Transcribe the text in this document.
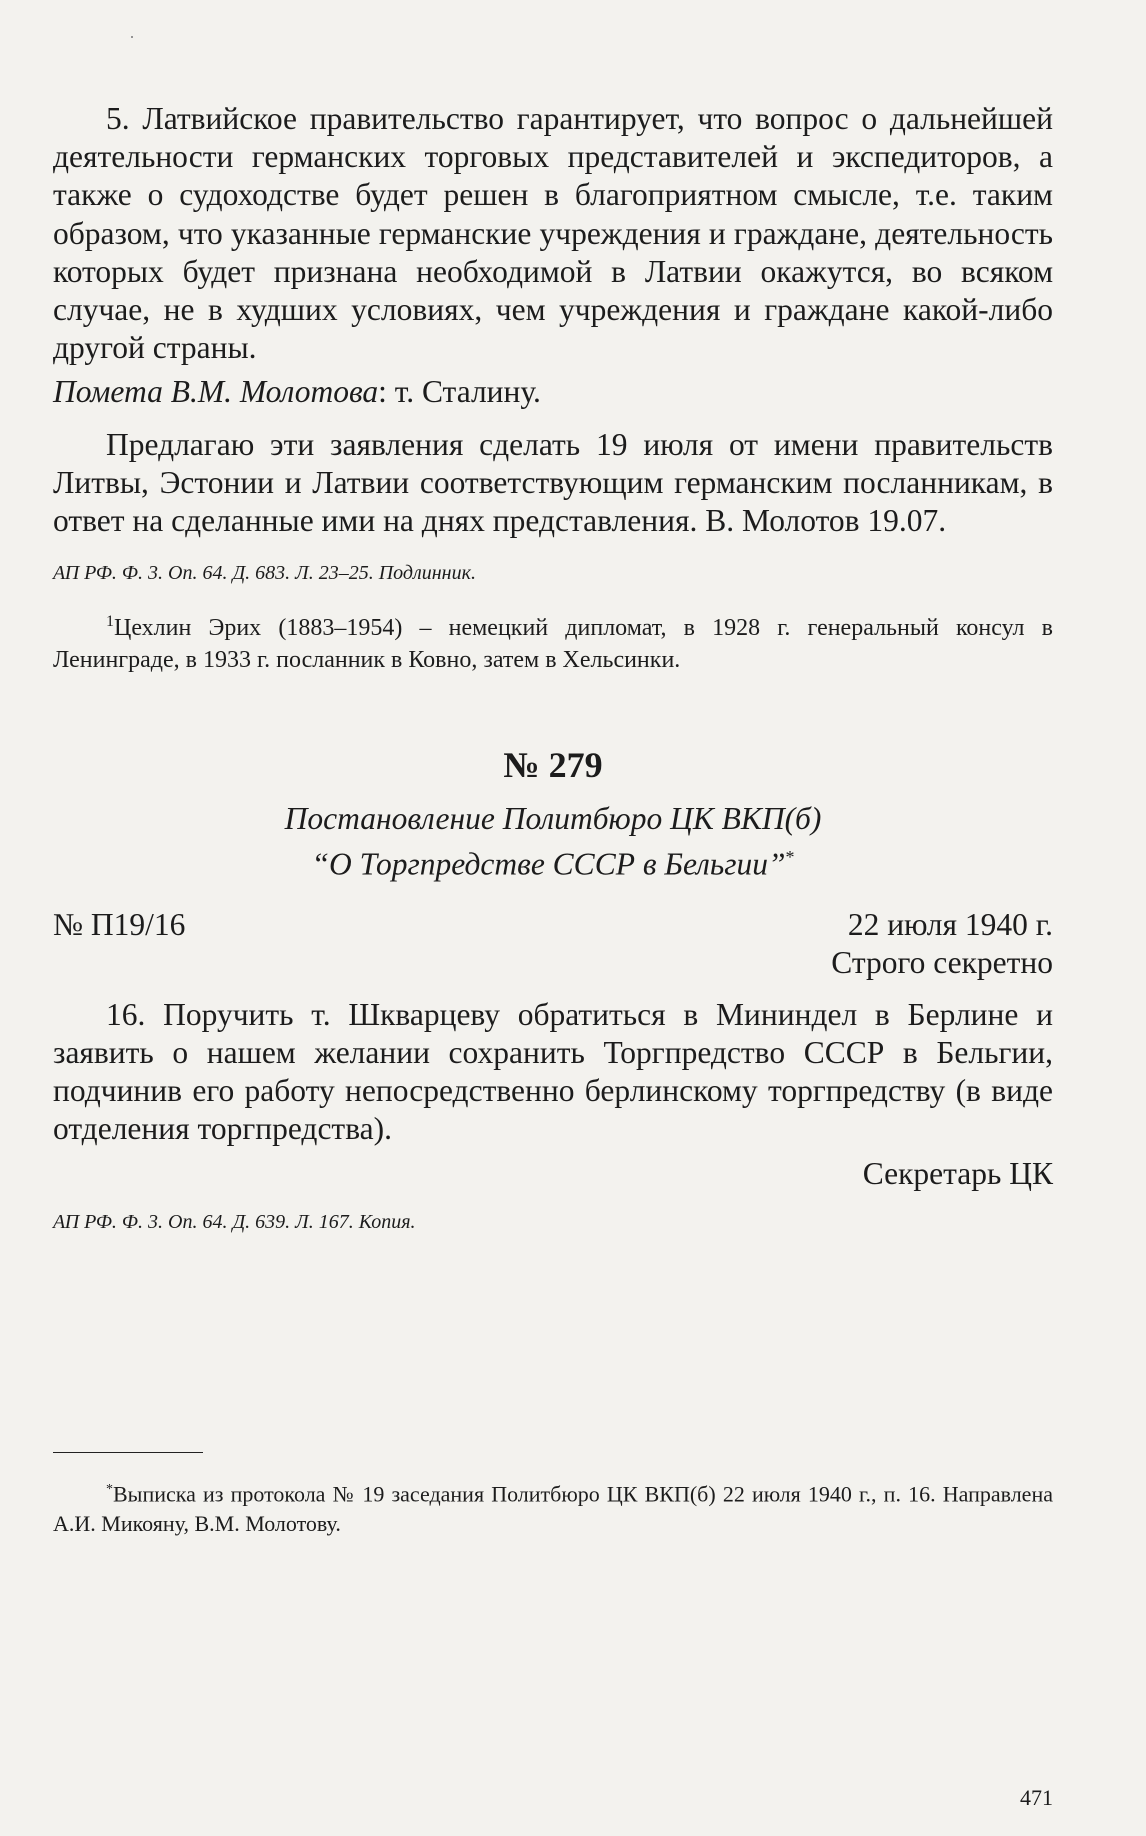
5. Латвийское правительство гарантирует, что вопрос о дальнейшей деятельности германских торговых представителей и экспедиторов, а также о судоходстве будет решен в благоприятном смысле, т.е. таким образом, что указанные германские учреждения и граждане, деятельность которых будет признана необходимой в Латвии окажутся, во всяком случае, не в худших условиях, чем учреждения и граждане какой-либо другой страны.

Помета В.М. Молотова: т. Сталину.

Предлагаю эти заявления сделать 19 июля от имени правительств Литвы, Эстонии и Латвии соответствующим германским посланникам, в ответ на сделанные ими на днях представления. В. Молотов 19.07.

АП РФ. Ф. 3. Оп. 64. Д. 683. Л. 23–25. Подлинник.

$^1$Цехлин Эрих (1883–1954) – немецкий дипломат, в 1928 г. генеральный консул в Ленинграде, в 1933 г. посланник в Ковно, затем в Хельсинки.

№ 279
Постановление Политбюро ЦК ВКП(б)
“О Торгпредстве СССР в Бельгии”*
№ П19/16	22 июля 1940 г.

Строго секретно

16. Поручить т. Шкварцеву обратиться в Мининдел в Берлине и заявить о нашем желании сохранить Торгпредство СССР в Бельгии, подчинив его работу непосредственно берлинскому торгпредству (в виде отделения торгпредства).

Секретарь ЦК

АП РФ. Ф. 3. Оп. 64. Д. 639. Л. 167. Копия.

*Выписка из протокола № 19 заседания Политбюро ЦК ВКП(б) 22 июля 1940 г., п. 16. Направлена А.И. Микояну, В.М. Молотову.

471
